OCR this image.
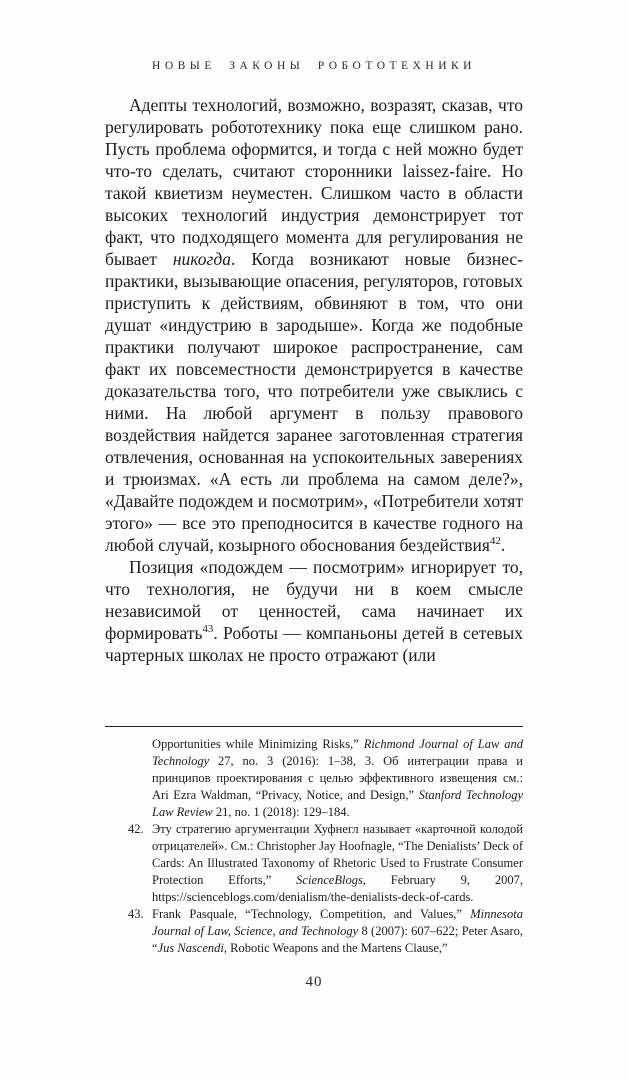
НОВЫЕ ЗАКОНЫ РОБОТОТЕХНИКИ

Адепты технологий, возможно, возразят, сказав, что регулировать робототехнику пока еще слишком рано. Пусть проблема оформится, и тогда с ней можно будет что-то сделать, считают сторонники laissez-faire. Но такой квиетизм неуместен. Слишком часто в области высоких технологий индустрия демонстрирует тот факт, что подходящего момента для регулирования не бывает никогда. Когда возникают новые бизнес-практики, вызывающие опасения, регуляторов, готовых приступить к действиям, обвиняют в том, что они душат «индустрию в зародыше». Когда же подобные практики получают широкое распространение, сам факт их повсеместности демонстрируется в качестве доказательства того, что потребители уже свыклись с ними. На любой аргумент в пользу правового воздействия найдется заранее заготовленная стратегия отвлечения, основанная на успокоительных заверениях и трюизмах. «А есть ли проблема на самом деле?», «Давайте подождем и посмотрим», «Потребители хотят этого» — все это преподносится в качестве годного на любой случай, козырного обоснования бездействия$^{42}$.

Позиция «подождем — посмотрим» игнорирует то, что технология, не будучи ни в коем смысле независимой от ценностей, сама начинает их формировать$^{43}$. Роботы — компаньоны детей в сетевых чартерных школах не просто отражают (или

Opportunities while Minimizing Risks,” Richmond Journal of Law and Technology 27, no. 3 (2016): 1–38, 3. Об интеграции права и принципов проектирования с целью эффективного извещения см.: Ari Ezra Waldman, “Privacy, Notice, and Design,” Stanford Technology Law Review 21, no. 1 (2018): 129–184.
42. Эту стратегию аргументации Хуфнегл называет «карточной колодой отрицателей». См.: Christopher Jay Hoofnagle, “The Denialists’ Deck of Cards: An Illustrated Taxonomy of Rhetoric Used to Frustrate Consumer Protection Efforts,” ScienceBlogs, February 9, 2007, https://scienceblogs.com/denialism/the-denialists-deck-of-cards.
43. Frank Pasquale, “Technology, Competition, and Values,” Minnesota Journal of Law, Science, and Technology 8 (2007): 607–622; Peter Asaro, “Jus Nascendi, Robotic Weapons and the Martens Clause,”
40
